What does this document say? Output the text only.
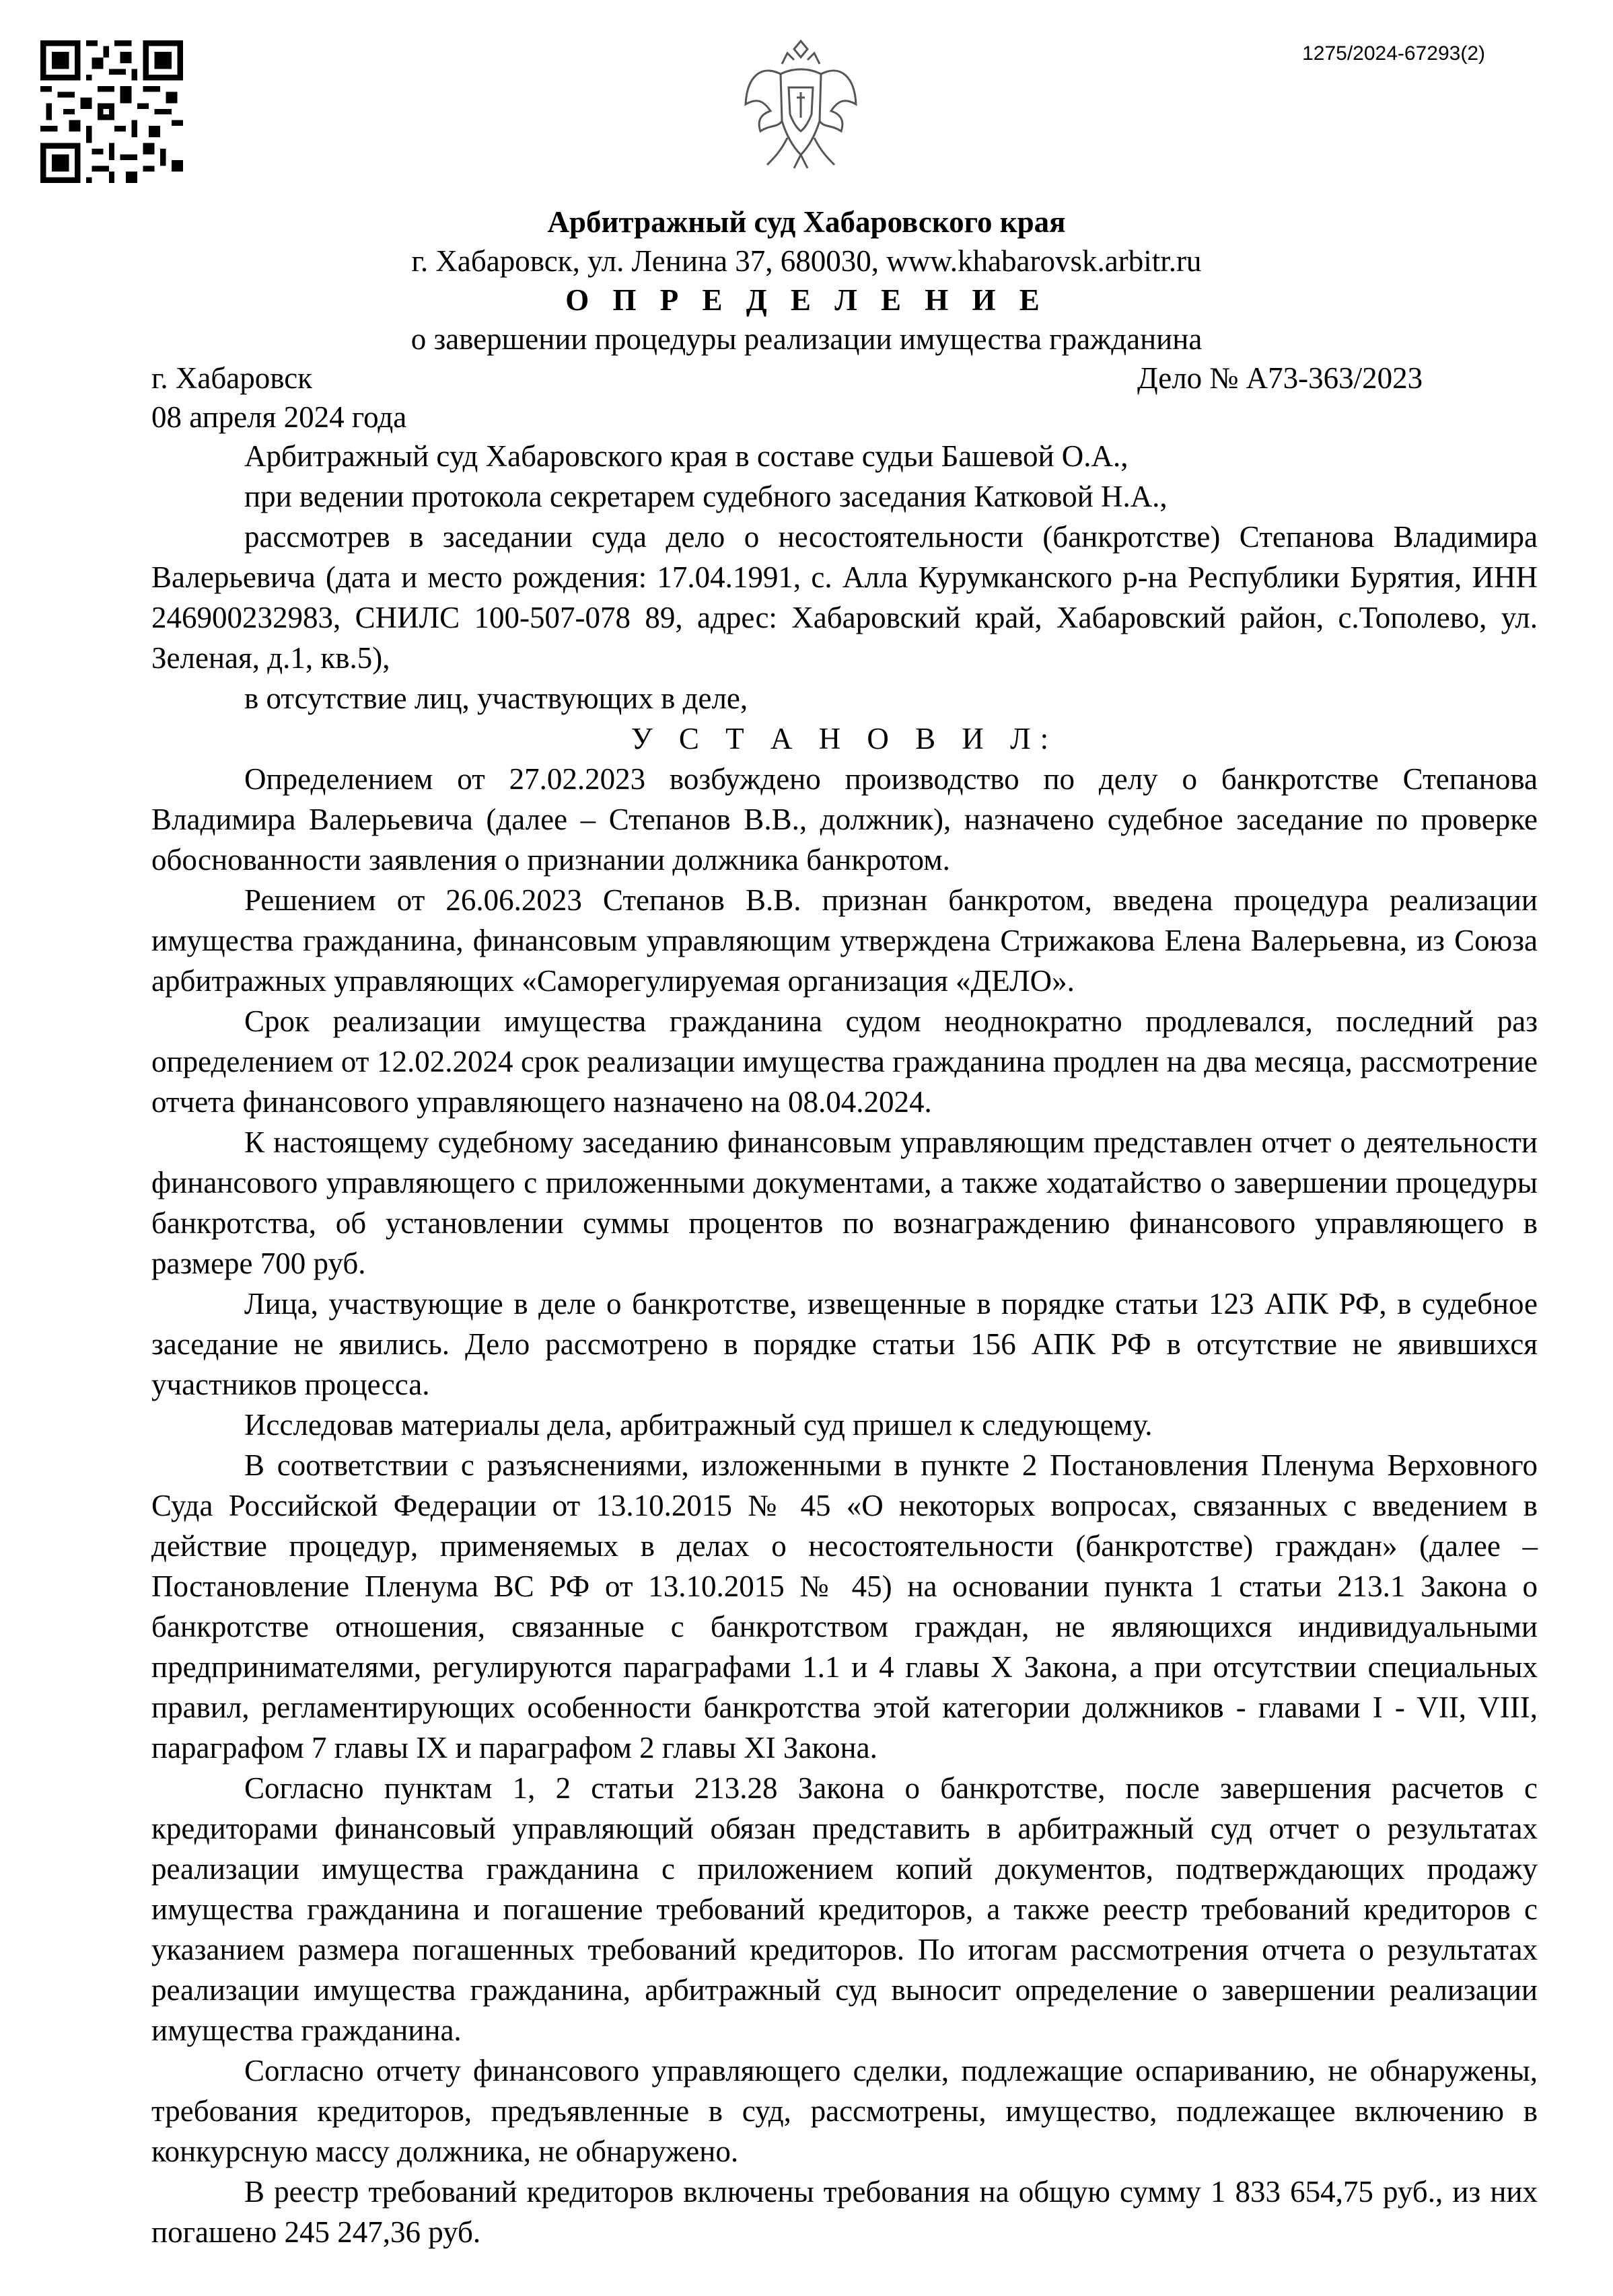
1275/2024-67293(2)
Арбитражный суд Хабаровского края
г. Хабаровск, ул. Ленина 37, 680030, www.khabarovsk.arbitr.ru
О П Р Е Д Е Л Е Н И Е
о завершении процедуры реализации имущества гражданина
г. Хабаровск	Дело № А73-363/2023
08 апреля 2024 года

Арбитражный суд Хабаровского края в составе судьи Башевой О.А.,

при ведении протокола секретарем судебного заседания Катковой Н.А.,

рассмотрев в заседании суда дело о несостоятельности (банкротстве) Степанова Владимира Валерьевича (дата и место рождения: 17.04.1991, с. Алла Курумканского р-на Республики Бурятия, ИНН 246900232983, СНИЛС 100-507-078 89, адрес: Хабаровский край, Хабаровский район, с.Тополево, ул. Зеленая, д.1, кв.5),

в отсутствие лиц, участвующих в деле,

У С Т А Н О В И Л:

Определением от 27.02.2023 возбуждено производство по делу о банкротстве Степанова Владимира Валерьевича (далее – Степанов В.В., должник), назначено судебное заседание по проверке обоснованности заявления о признании должника банкротом.

Решением от 26.06.2023 Степанов В.В. признан банкротом, введена процедура реализации имущества гражданина, финансовым управляющим утверждена Стрижакова Елена Валерьевна, из Союза арбитражных управляющих «Саморегулируемая организация «ДЕЛО».

Срок реализации имущества гражданина судом неоднократно продлевался, последний раз определением от 12.02.2024 срок реализации имущества гражданина продлен на два месяца, рассмотрение отчета финансового управляющего назначено на 08.04.2024.

К настоящему судебному заседанию финансовым управляющим представлен отчет о деятельности финансового управляющего с приложенными документами, а также ходатайство о завершении процедуры банкротства, об установлении суммы процентов по вознаграждению финансового управляющего в размере 700 руб.

Лица, участвующие в деле о банкротстве, извещенные в порядке статьи 123 АПК РФ, в судебное заседание не явились. Дело рассмотрено в порядке статьи 156 АПК РФ в отсутствие не явившихся участников процесса.

Исследовав материалы дела, арбитражный суд пришел к следующему.

В соответствии с разъяснениями, изложенными в пункте 2 Постановления Пленума Верховного Суда Российской Федерации от 13.10.2015 № 45 «О некоторых вопросах, связанных с введением в действие процедур, применяемых в делах о несостоятельности (банкротстве) граждан» (далее – Постановление Пленума ВС РФ от 13.10.2015 № 45) на основании пункта 1 статьи 213.1 Закона о банкротстве отношения, связанные с банкротством граждан, не являющихся индивидуальными предпринимателями, регулируются параграфами 1.1 и 4 главы X Закона, а при отсутствии специальных правил, регламентирующих особенности банкротства этой категории должников - главами I - VII, VIII, параграфом 7 главы IX и параграфом 2 главы XI Закона.

Согласно пунктам 1, 2 статьи 213.28 Закона о банкротстве, после завершения расчетов с кредиторами финансовый управляющий обязан представить в арбитражный суд отчет о результатах реализации имущества гражданина с приложением копий документов, подтверждающих продажу имущества гражданина и погашение требований кредиторов, а также реестр требований кредиторов с указанием размера погашенных требований кредиторов. По итогам рассмотрения отчета о результатах реализации имущества гражданина, арбитражный суд выносит определение о завершении реализации имущества гражданина.

Согласно отчету финансового управляющего сделки, подлежащие оспариванию, не обнаружены, требования кредиторов, предъявленные в суд, рассмотрены, имущество, подлежащее включению в конкурсную массу должника, не обнаружено.

В реестр требований кредиторов включены требования на общую сумму 1 833 654,75 руб., из них погашено 245 247,36 руб.
